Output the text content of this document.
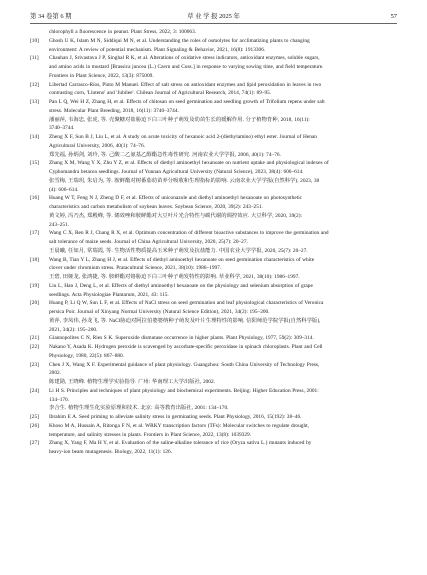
第 34 卷第 6 期	草 业 学 报 2025 年	57
chlorophyll a fluorescence in peanut. Plant Stress, 2022, 3: 100063.
[10] Ghosh U K, Islam M N, Siddiqui M N, et al. Understanding the roles of osmolytes for acclimatizing plants to changing
environment: A review of potential mechanism. Plant Signaling & Behavior, 2021, 16(8): 1913306.
[11] Chauhan J, Srivastava J P, Singhal R K, et al. Alterations of oxidative stress indicators, antioxidant enzymes, soluble sugars,
and amino acids in mustard [Brassica juncea (L.) Czern and Coss.] in response to varying sowing time, and field temperature.
Frontiers in Plant Science, 2022, 13(3): 875009.
[12] Libertad Carrasco-Ríos, Pinto M Manuel. Effect of salt stress on antioxidant enzymes and lipid peroxidation in leaves in two
contrasting corn, 'Lluteno' and 'Jubilee'. Chilean Journal of Agricultural Research, 2014, 74(1): 89–95.
[13] Pan L Q, Wei H Z, Zhang H, et al. Effects of chitosan on seed germination and seedling growth of Trifolium repens under salt
stress. Molecular Plant Breeding, 2018, 16(11): 3740–3744.
潘丽萍, 韦海忠, 张虎, 等. 壳聚糖对盐胁迫下白三叶种子萌发及幼苗生长的缓解作用. 分子植物育种, 2018, 16(11):
3740–3744.
[14] Zheng X F, Sun B J, Liu L, et al. A study on acute toxicity of hexanoic acid 2-(diethylamino) ethyl ester. Journal of Henan
Agricultural University, 2006, 40(1): 74–76.
郑先福, 孙炳剑, 刘玲, 等. 己酸二乙氨基乙醇酯急性毒性研究. 河南农业大学学报, 2006, 40(1): 74–76.
[15] Zhang X M, Wang Y X, Zhu Y Z, et al. Effects of diethyl aminoethyl hexanoate on nutrient uptake and physiological indexes of
Cyphomandra betacea seedlings. Journal of Yunnan Agricultural University (Natural Science), 2023, 38(4): 606–614.
张雪梅, 王瑞玥, 朱启为, 等. 胺鲜酯对树番茄幼苗养分吸收和生理指标的影响. 云南农业大学学报(自然科学), 2023, 38
(4): 606–614.
[16] Huang W T, Feng N J, Zheng D F, et al. Effects of uniconazole and diethyl aminoethyl hexanoate on photosynthetic
characteristics and carbon metabolism of soybean leaves. Soybean Science, 2020, 39(2): 243–251.
黄文婷, 冯乃杰, 郑殿峰, 等. 烯效唑和胺鲜酯对大豆叶片光合特性与碳代谢的调控效应. 大豆科学, 2020, 39(2):
243–251.
[17] Wang C X, Ren R J, Chang R X, et al. Optimum concentration of different bioactive substances to improve the germination and
salt tolerance of maize seeds. Journal of China Agricultural University, 2020, 25(7): 20–27.
王晨曦, 任如月, 常瑞霞, 等. 生物活性物质提高玉米种子萌发及抗盐能力. 中国农业大学学报, 2020, 25(7): 20–27.
[18] Wang B, Tian Y L, Zhang H J, et al. Effects of diethyl aminoethyl hexanoate on seed germination characteristics of white
clover under chromium stress. Pratacultural Science, 2021, 38(10): 1986–1997.
王碧, 田娅龙, 张鸿捷, 等. 胺鲜酯对铬胁迫下白三叶种子萌发特性的影响. 草业科学, 2021, 38(10): 1986–1997.
[19] Liu L, Han J, Deng L, et al. Effects of diethyl aminoethyl hexanoate on the physiology and selenium absorption of grape
seedlings. Acta Physiologiae Plantarum, 2021, 43: 115.
[20] Huang P, Li Q W, Sun L F, et al. Effects of NaCl stress on seed germination and leaf physiological characteristics of Veronica
persica Poir. Journal of Xinyang Normal University (Natural Science Edition), 2021, 34(2): 195–200.
黄萍, 李凤伟, 孙龙飞, 等. NaCl胁迫对阿拉伯婆婆纳种子萌发及叶片生理特性的影响. 信阳师范学院学报(自然科学版),
2021, 34(2): 195–200.
[21] Giannopolites C N, Ries S K. Superoxide dismutase occurrence in higher plants. Plant Physiology, 1977, 59(2): 309–314.
[22] Nakano Y, Asada K. Hydrogen peroxide is scavenged by ascorbate-specific peroxidase in spinach chloroplasts. Plant and Cell
Physiology, 1980, 22(5): 867–880.
[23] Chen J X, Wang X F. Experimental guidance of plant physiology. Guangzhou: South China University of Technology Press,
2002.
陈建勋, 王晓峰. 植物生理学实验指导. 广州: 华南理工大学出版社, 2002.
[24] Li H S. Principles and techniques of plant physiology and biochemical experiments. Beijing: Higher Education Press, 2001:
134–170.
李合生. 植物生理生化实验原理和技术. 北京: 高等教育出版社, 2001: 134–170.
[25] Ibrahim E A. Seed priming to alleviate salinity stress in germinating seeds. Plant Physiology, 2016, 15(192): 38–46.
[26] Khoso M A, Hussain A, Ritonga F N, et al. WRKY transcription factors (TFs): Molecular switches to regulate drought,
temperature, and salinity stresses in plants. Frontiers in Plant Science, 2022, 13(8): 1039329.
[27] Zhang X, Yang F, Ma H Y, et al. Evaluation of the saline-alkaline tolerance of rice (Oryza sativa L.) mutants induced by
heavy-ion beam mutagenesis. Biology, 2022, 11(1): 126.
